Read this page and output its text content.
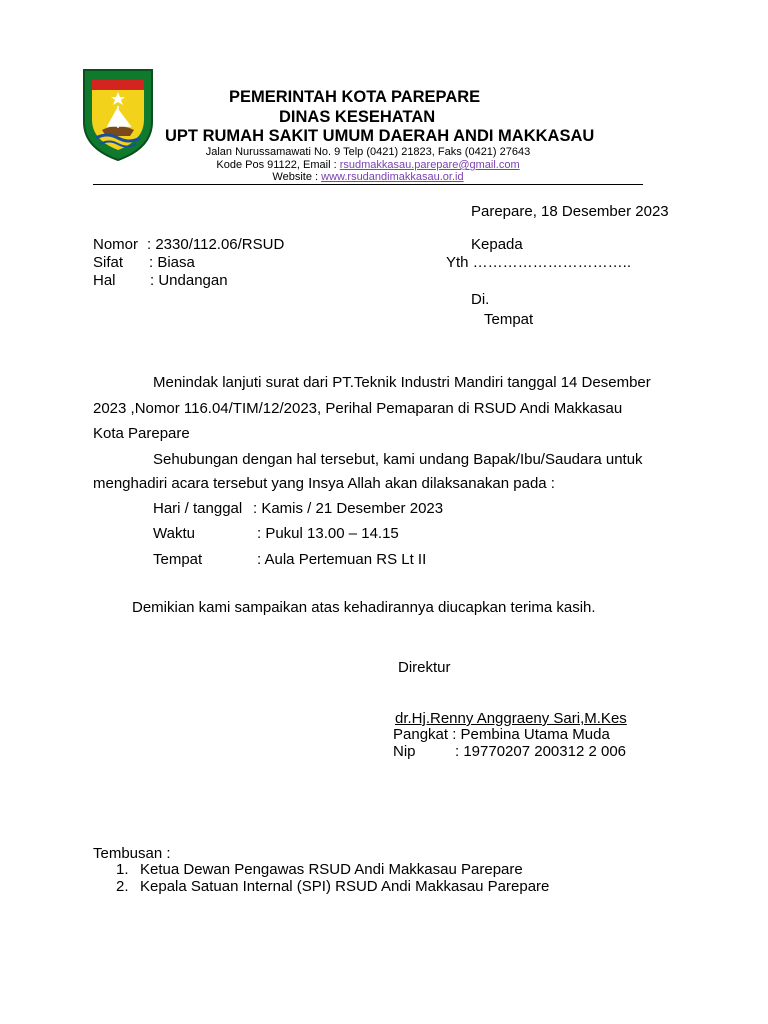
PEMERINTAH KOTA PAREPARE
DINAS KESEHATAN
UPT RUMAH SAKIT UMUM DAERAH ANDI MAKKASAU
Jalan Nurussamawati No. 9 Telp (0421) 21823, Faks (0421) 27643
Kode Pos 91122, Email : rsudmakkasau.parepare@gmail.com
Website : www.rsudandimakkasau.or.id
Parepare, 18 Desember 2023
Nomor : 2330/112.06/RSUD
Sifat : Biasa
Hal : Undangan
Kepada
Yth …………………………..
Di.
Tempat
Menindak lanjuti surat dari PT.Teknik Industri Mandiri tanggal 14 Desember
2023 ,Nomor 116.04/TIM/12/2023, Perihal Pemaparan di RSUD Andi Makkasau
Kota Parepare
Sehubungan dengan hal tersebut, kami undang Bapak/Ibu/Saudara untuk
menghadiri acara tersebut yang Insya Allah akan dilaksanakan pada :
Hari / tanggal : Kamis / 21 Desember 2023
Waktu	: Pukul 13.00 – 14.15
Tempat	: Aula Pertemuan RS Lt II
Demikian kami sampaikan atas kehadirannya diucapkan terima kasih.
Direktur
dr.Hj.Renny Anggraeny Sari,M.Kes
Pangkat : Pembina Utama Muda
Nip	: 19770207 200312 2 006
Tembusan :
1. Ketua Dewan Pengawas RSUD Andi Makkasau Parepare
2. Kepala Satuan Internal (SPI) RSUD Andi Makkasau Parepare
